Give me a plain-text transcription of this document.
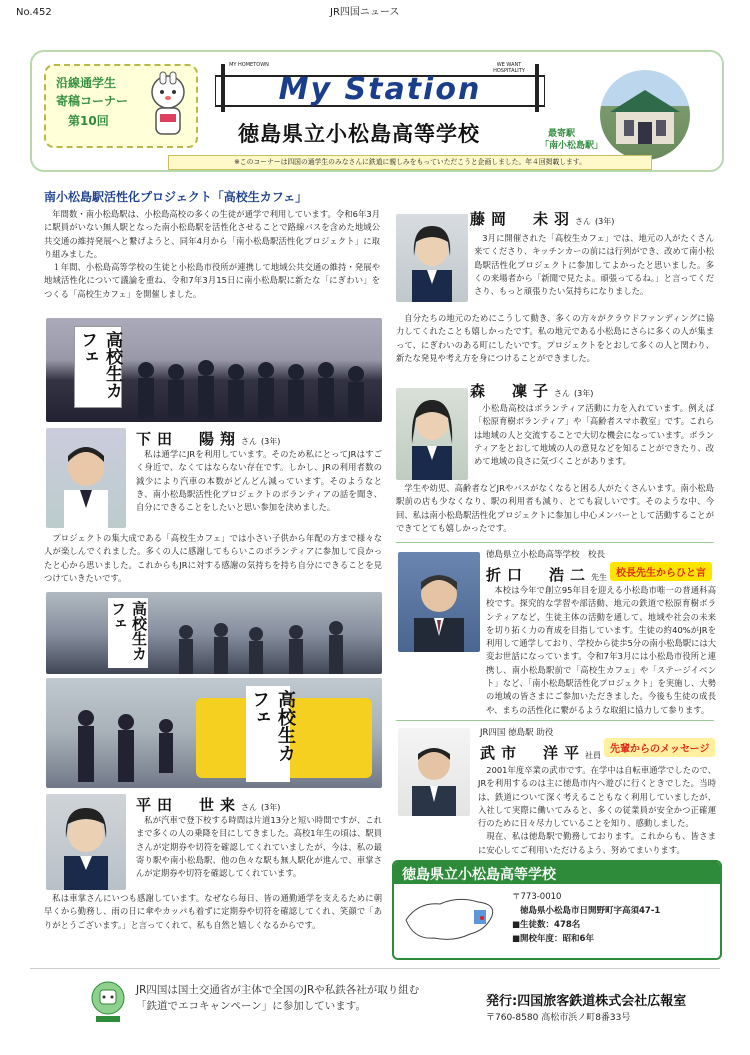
No.452	JR四国ニュース
沿線通学生
寄稿コーナー
第10回
MY HOMETOWN	WE WANT HOSPITALITY
My Station
徳島県立小松島高等学校	最寄駅
「南小松島駅」
※このコーナーは四国の通学生のみなさんに鉄道に親しみをもっていただこうと企画しました。年４回掲載します。
南小松島駅活性化プロジェクト「高校生カフェ」

年間数・南小松島駅は、小松島高校の多くの生徒が通学で利用しています。令和6年3月に駅員がいない無人駅となった南小松島駅を活性化させることで路線バスを含めた地域公共交通の維持発展へと繋げようと、同年4月から「南小松島駅活性化プロジェクト」に取り組みました。

１年間、小松島高等学校の生徒と小松島市役所が連携して地域公共交通の維持・発展や地域活性化について議論を重ね、令和7年3月15日に南小松島駅に新たな「にぎわい」をつくる「高校生カフェ」を開催しました。

高校生カフェ
下田　陽翔さん (3年)

私は通学にJRを利用しています。そのため私にとってJRはすごく身近で、なくてはならない存在です。しかし、JRの利用者数の減少により汽車の本数がどんどん減っています。そのようなとき、南小松島駅活性化プロジェクトのボランティアの話を聞き、自分にできることをしたいと思い参加を決めました。

プロジェクトの集大成である「高校生カフェ」では小さい子供から年配の方まで様々な人が楽しんでくれました。多くの人に感謝してもらいこのボランティアに参加して良かったと心から思いました。これからもJRに対する感謝の気持ちを持ち自分にできることを見つけていきたいです。

高校生カフェ
高校生カフェ
平田　世来さん (3年)

私が汽車で登下校する時間は片道13分と短い時間ですが、これまで多くの人の乗降を目にしてきました。高校1年生の頃は、駅員さんが定期券や切符を確認してくれていましたが、今は、私の最寄り駅や南小松島駅、他の色々な駅も無人駅化が進んで、車掌さんが定期券や切符を確認してくれています。

私は車掌さんにいつも感謝しています。なぜなら毎日、皆の通勤通学を支えるために朝早くから勤務し、雨の日に傘やカッパも着ずに定期券や切符を確認してくれ、笑顔で「ありがとうございます。」と言ってくれて、私も自然と嬉しくなるからです。

藤岡　未羽さん (3年)

3月に開催された「高校生カフェ」では、地元の人がたくさん来てくださり、キッチンカーの前には行列ができ、改めて南小松島駅活性化プロジェクトに参加してよかったと思いました。多くの来場者から「新聞で見たよ。頑張ってるね。」と言ってくださり、もっと頑張りたい気持ちになりました。

自分たちの地元のためにこうして動き、多くの方々がクラウドファンディングに協力してくれたことも嬉しかったです。私の地元である小松島にさらに多くの人が集まって、にぎわいのある町にしたいです。プロジェクトをとおして多くの人と関わり、新たな発見や考え方を身につけることができました。

森　凜子さん (3年)

小松島高校はボランティア活動に力を入れています。例えば「松原育樹ボランティア」や「高齢者スマホ教室」です。これらは地域の人と交流することで大切な機会になっています。ボランティアをとおして地域の人の意見などを知ることができたり、改めて地域の良さに気づくことがあります。

学生や幼児、高齢者などJRやバスがなくなると困る人がたくさんいます。南小松島駅前の店も少なくなり、駅の利用者も減り、とても寂しいです。そのような中、今回、私は南小松島駅活性化プロジェクトに参加し中心メンバーとして活動することができてとても嬉しかったです。

徳島県立小松島高等学校　校長
校長先生からひと言
折口　浩二先生

本校は今年で創立95年目を迎える小松島市唯一の普通科高校です。探究的な学習や部活動、地元の鉄道で松原育樹ボランティアなど、生徒主体の活動を通して、地域や社会の未来を切り拓く力の育成を目指しています。生徒の約40%がJRを利用して通学しており、学校から徒歩5分の南小松島駅には大変お世話になっています。令和7年3月には小松島市役所と連携し、南小松島駅前で「高校生カフェ」や「ステージイベント」など、「南小松島駅活性化プロジェクト」を実施し、大勢の地域の皆さまにご参加いただきました。今後も生徒の成長や、まちの活性化に繋がるような取組に協力して参ります。

JR四国 徳島駅 助役
先輩からのメッセージ
武市　洋平社員

2001年度卒業の武市です。在学中は自転車通学でしたので、JRを利用するのは主に徳島市内へ遊びに行くときでした。当時は、鉄道について深く考えることもなく利用していましたが、入社して実際に働いてみると、多くの従業員が安全かつ正確運行のために日々尽力していることを知り、感動しました。

現在、私は徳島駅で勤務しております。これからも、皆さまに安心してご利用いただけるよう、努めてまいります。

徳島県立小松島高等学校
〒773-0010
徳島県小松島市日開野町字高須47-1
■生徒数：478名
■開校年度：昭和6年
JR四国は国土交通省が主体で全国のJRや私鉄各社が取り組む「鉄道でエコキャンペーン」に参加しています。	発行:四国旅客鉄道株式会社広報室
〒760-8580 高松市浜ノ町8番33号
